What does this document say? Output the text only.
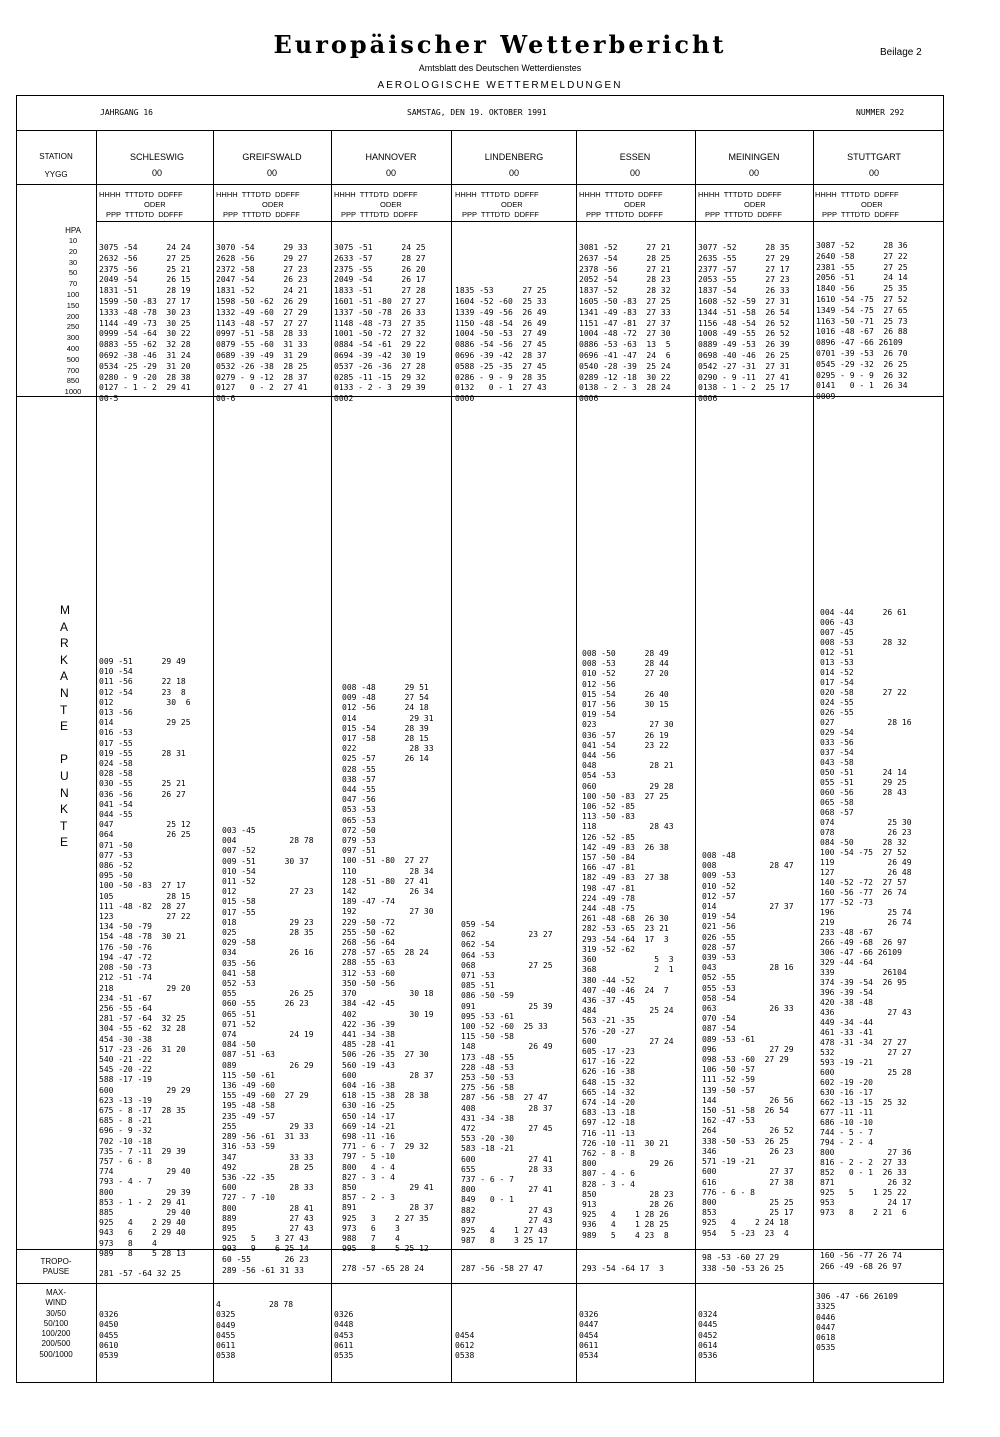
Europäischer Wetterbericht
Amtsblatt des Deutschen Wetterdienstes
AEROLOGISCHE WETTERMELDUNGEN
Beilage 2
JAHRGANG 16	SAMSTAG, DEN 19. OKTOBER 1991	NUMMER 292
STATION
YYGG
HPA
10
20
30
50
70
100
150
200
250
300
400
500
700
850
1000
M
A
R
K
A
N
T
E

P
U
N
K
T
E
TROPO-
PAUSE
MAX-
WIND
30/50
50/100
100/200
200/500
500/1000
SCHLESWIG
00
HHHH  TTTDTD  DDFFF
ODER
PPP  TTTDTD  DDFFF
3075 -54      24 24
2632 -56      27 25
2375 -56      25 21
2049 -54      26 15
1831 -51      28 19
1599 -50 -83  27 17
1333 -48 -78  30 23
1144 -49 -73  30 25
0999 -54 -64  30 22
0883 -55 -62  32 28
0692 -38 -46  31 24
0534 -25 -29  31 20
0280 - 9 -20  28 38
0127 - 1 - 2  29 41
00-5
009 -51      29 49
010 -54
011 -56      22 18
012 -54      23  8
012           30  6
013 -56
014           29 25
016 -53
017 -55
019 -55      28 31
024 -58
028 -58
030 -55      25 21
036 -56      26 27
041 -54
044 -55
047           25 12
064           26 25
071 -50
077 -53
086 -52
095 -50
100 -50 -83  27 17
105           28 15
111 -48 -82  28 27
123           27 22
134 -50 -79
154 -48 -78  30 21
176 -50 -76
194 -47 -72
208 -50 -73
212 -51 -74
218           29 20
234 -51 -67
256 -55 -64
281 -57 -64  32 25
304 -55 -62  32 28
454 -30 -38
517 -23 -26  31 20
540 -21 -22
545 -20 -22
588 -17 -19
600           29 29
623 -13 -19
675 - 8 -17  28 35
685 - 8 -21
696 - 9 -32
702 -10 -18
735 - 7 -11  29 39
757 - 6 - 8
774           29 40
793 - 4 - 7
800           29 39
853 - 1 - 2  29 41
885           29 40
925   4    2 29 40
943   6    2 29 40
973   8    4
989   8    5 28 13
281 -57 -64 32 25
0326
0450
0455
0610
0539
GREIFSWALD
00
HHHH  TTTDTD  DDFFF
ODER
PPP  TTTDTD  DDFFF
3070 -54      29 33
2628 -56      29 27
2372 -58      27 23
2047 -54      26 23
1831 -52      24 21
1598 -50 -62  26 29
1332 -49 -60  27 29
1143 -48 -57  27 27
0997 -51 -58  28 33
0879 -55 -60  31 33
0689 -39 -49  31 29
0532 -26 -38  28 25
0279 - 9 -12  28 37
0127   0 - 2  27 41
00-6
003 -45
004           28 78
007 -52
009 -51      30 37
010 -54
011 -52
012           27 23
015 -58
017 -55
018           29 23
025           28 35
029 -58
034           26 16
035 -56
041 -58
052 -53
055           26 25
060 -55      26 23
065 -51
071 -52
074           24 19
084 -50
087 -51 -63
089           26 29
115 -50 -61
136 -49 -60
155 -49 -60  27 29
195 -48 -58
235 -49 -57
255           29 33
289 -56 -61  31 33
316 -53 -59
347           33 33
492           28 25
536 -22 -35
600           28 33
727 - 7 -10
800           28 41
889           27 43
895           27 43
925   5    3 27 43
993   9    6 25 14
60 -55       26 23
289 -56 -61 31 33
4          28 78
0325
0449
0455
0611
0538
HANNOVER
00
HHHH  TTTDTD  DDFFF
ODER
PPP  TTTDTD  DDFFF
3075 -51      24 25
2633 -57      28 27
2375 -55      26 20
2049 -54      26 17
1833 -51      27 28
1601 -51 -80  27 27
1337 -50 -78  26 33
1148 -48 -73  27 35
1001 -50 -72  27 32
0884 -54 -61  29 22
0694 -39 -42  30 19
0537 -26 -36  27 28
0285 -11 -15  29 32
0133 - 2 - 3  29 39
0002
008 -48      29 51
009 -48      27 54
012 -56      24 18
014           29 31
015 -54      28 39
017 -58      28 15
022           28 33
025 -57      26 14
028 -55
038 -57
044 -55
047 -56
053 -53
065 -53
072 -50
079 -53
097 -51
100 -51 -80  27 27
110           28 34
128 -51 -80  27 41
142           26 34
189 -47 -74
192           27 30
229 -50 -72
255 -50 -62
268 -56 -64
278 -57 -65  28 24
288 -55 -63
312 -53 -60
350 -50 -56
370           30 18
384 -42 -45
402           30 19
422 -36 -39
441 -34 -38
485 -28 -41
506 -26 -35  27 30
560 -19 -43
600           28 37
604 -16 -38
618 -15 -38  28 38
630 -16 -25
650 -14 -17
669 -14 -21
698 -11 -16
771 - 6 - 7  29 32
797 - 5 -10
800   4 - 4
827 - 3 - 4
850           29 41
857 - 2 - 3
891           28 37
925   3    2 27 35
973   6    3
988   7    4
995   8    5 25 12
278 -57 -65 28 24
0326
0448
0453
0611
0535
LINDENBERG
00
HHHH  TTTDTD  DDFFF
ODER
PPP  TTTDTD  DDFFF

1835 -53      27 25
1604 -52 -60  25 33
1339 -49 -56  26 49
1150 -48 -54  26 49
1004 -50 -53  27 49
0886 -54 -56  27 45
0696 -39 -42  28 37
0588 -25 -35  27 45
0286 - 9 - 9  28 35
0132   0 - 1  27 43
0000
059 -54
062           23 27
062 -54
064 -53
068           27 25
071 -53
085 -51
086 -50 -59
091           25 39
095 -53 -61
100 -52 -60  25 33
115 -50 -58
148           26 49
173 -48 -55
228 -48 -53
253 -50 -53
275 -56 -58
287 -56 -58  27 47
408           28 37
431 -34 -38
472           27 45
553 -20 -30
583 -18 -21
600           27 41
655           28 33
737 - 6 - 7
800           27 41
849   0 - 1
882           27 43
897           27 43
925   4    1 27 43
987   8    3 25 17
287 -56 -58 27 47

0454
0612
0538
ESSEN
00
HHHH  TTTDTD  DDFFF
ODER
PPP  TTTDTD  DDFFF
3081 -52      27 21
2637 -54      28 25
2378 -56      27 21
2052 -54      28 23
1837 -52      28 32
1605 -50 -83  27 25
1341 -49 -83  27 33
1151 -47 -81  27 37
1004 -48 -72  27 30
0886 -53 -63  13  5
0696 -41 -47  24  6
0540 -28 -39  25 24
0289 -12 -18  30 22
0138 - 2 - 3  28 24
0006
008 -50      28 49
008 -53      28 44
010 -52      27 20
012 -56
015 -54      26 40
017 -56      30 15
019 -54
023           27 30
036 -57      26 19
041 -54      23 22
044 -56
048           28 21
054 -53
060           29 28
100 -50 -83  27 25
106 -52 -85
113 -50 -83
118           28 43
126 -52 -85
142 -49 -83  26 38
157 -50 -84
166 -47 -81
182 -49 -83  27 38
198 -47 -81
224 -49 -78
244 -48 -75
261 -48 -68  26 30
282 -53 -65  23 21
293 -54 -64  17  3
319 -52 -62
360            5  3
368            2  1
380 -44 -52
407 -40 -46  24  7
436 -37 -45
484           25 24
563 -21 -35
576 -20 -27
600           27 24
605 -17 -23
617 -16 -22
626 -16 -38
648 -15 -32
665 -14 -32
674 -14 -20
683 -13 -18
697 -12 -18
716 -11 -13
726 -10 -11  30 21
762 - 8 - 8
800           29 26
807 - 4 - 6
828 - 3 - 4
850           28 23
913           28 26
925   4    1 28 26
936   4    1 28 25
989   5    4 23  8
293 -54 -64 17  3
0326
0447
0454
0611
0534
MEININGEN
00
HHHH  TTTDTD  DDFFF
ODER
PPP  TTTDTD  DDFFF
3077 -52      28 35
2635 -55      27 29
2377 -57      27 17
2053 -55      27 23
1837 -54      26 33
1608 -52 -59  27 31
1344 -51 -58  26 54
1156 -48 -54  26 52
1008 -49 -55  26 52
0889 -49 -53  26 39
0698 -40 -46  26 25
0542 -27 -31  27 31
0290 - 9 -11  27 41
0138 - 1 - 2  25 17
0006
008 -48
008           28 47
009 -53
010 -52
012 -57
014           27 37
019 -54
021 -56
026 -55
028 -57
039 -53
043           28 16
052 -55
055 -53
058 -54
063           26 33
070 -54
087 -54
089 -53 -61
096           27 29
098 -53 -60  27 29
106 -50 -57
111 -52 -59
139 -50 -57
144           26 56
150 -51 -58  26 54
162 -47 -53
264           26 52
338 -50 -53  26 25
346           26 23
571 -19 -21
600           27 37
616           27 38
776 - 6 - 8
800           25 25
853           25 17
925   4    2 24 18
954   5 -23  23  4
98 -53 -60 27 29
338 -50 -53 26 25
0324
0445
0452
0614
0536
STUTTGART
00
HHHH  TTTDTD  DDFFF
ODER
PPP  TTTDTD  DDFFF
3087 -52      28 36
2640 -58      27 22
2381 -55      27 25
2056 -51      24 14
1840 -56      25 35
1610 -54 -75  27 52
1349 -54 -75  27 65
1163 -50 -71  25 73
1016 -48 -67  26 88
0896 -47 -66 26109
0701 -39 -53  26 70
0545 -29 -32  26 25
0295 - 9 - 9  26 32
0141   0 - 1  26 34
0009
004 -44      26 61
006 -43
007 -45
008 -53      28 32
012 -51
013 -53
014 -52
017 -54
020 -58      27 22
024 -55
026 -55
027           28 16
029 -54
033 -56
037 -54
043 -58
050 -51      24 14
055 -51      29 25
060 -56      28 43
065 -58
068 -57
074           25 30
078           26 23
084 -50      28 32
100 -54 -75  27 52
119           26 49
127           26 48
140 -52 -72  27 57
160 -56 -77  26 74
177 -52 -73
196           25 74
219           26 74
233 -48 -67
266 -49 -68  26 97
306 -47 -66 26109
329 -44 -64
339          26104
374 -39 -54  26 95
396 -39 -54
420 -38 -48
436           27 43
449 -34 -44
461 -33 -41
478 -31 -34  27 27
532           27 27
593 -19 -21
600           25 28
602 -19 -20
630 -16 -17
662 -13 -15  25 32
677 -11 -11
686 -10 -10
744 - 5 - 7
794 - 2 - 4
800           27 36
816 - 2 - 2  27 33
852   0 - 1  26 33
871           26 32
925   5    1 25 22
953           24 17
973   8    2 21  6
160 -56 -77 26 74
266 -49 -68 26 97
306 -47 -66 26109
3325
0446
0447
0618
0535
